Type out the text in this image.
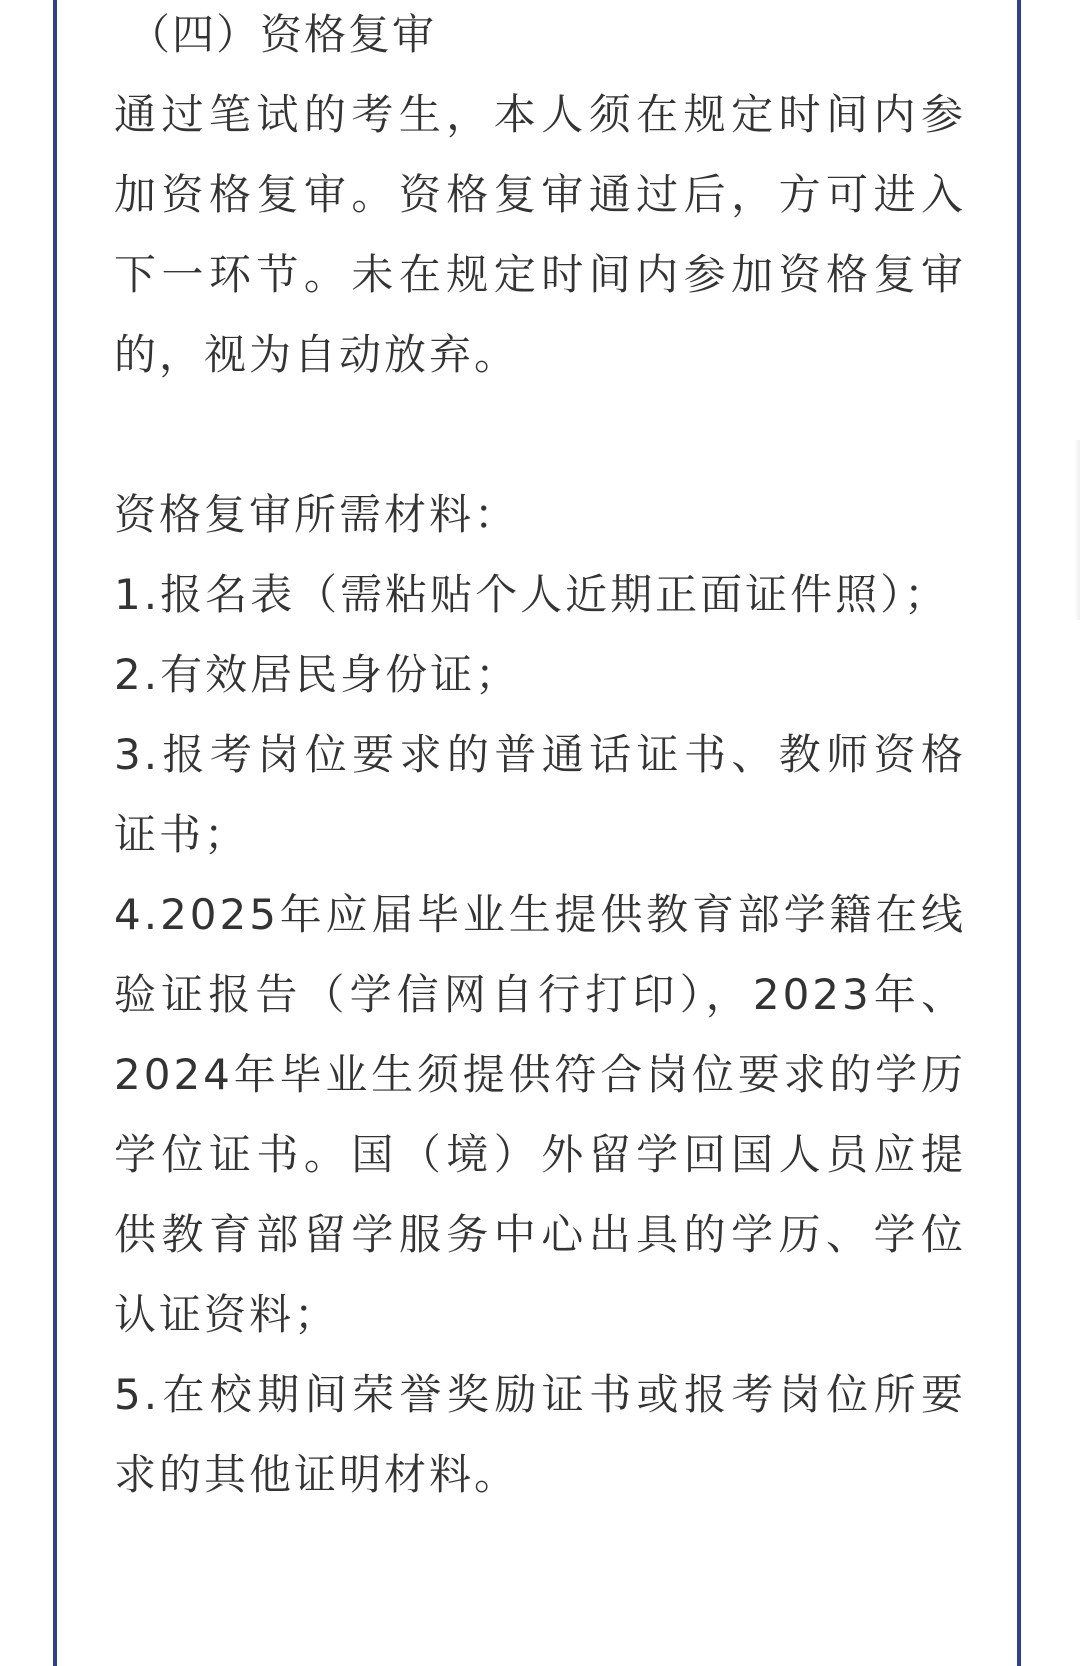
（四）资格复审

通过笔试的考生，本人须在规定时间内参加资格复审。资格复审通过后，方可进入下一环节。未在规定时间内参加资格复审的，视为自动放弃。

资格复审所需材料：

1.报名表（需粘贴个人近期正面证件照）；

2.有效居民身份证；

3.报考岗位要求的普通话证书、教师资格证书；

4.2025年应届毕业生提供教育部学籍在线验证报告（学信网自行打印），2023年、2024年毕业生须提供符合岗位要求的学历学位证书。国（境）外留学回国人员应提供教育部留学服务中心出具的学历、学位认证资料；

5.在校期间荣誉奖励证书或报考岗位所要求的其他证明材料。
